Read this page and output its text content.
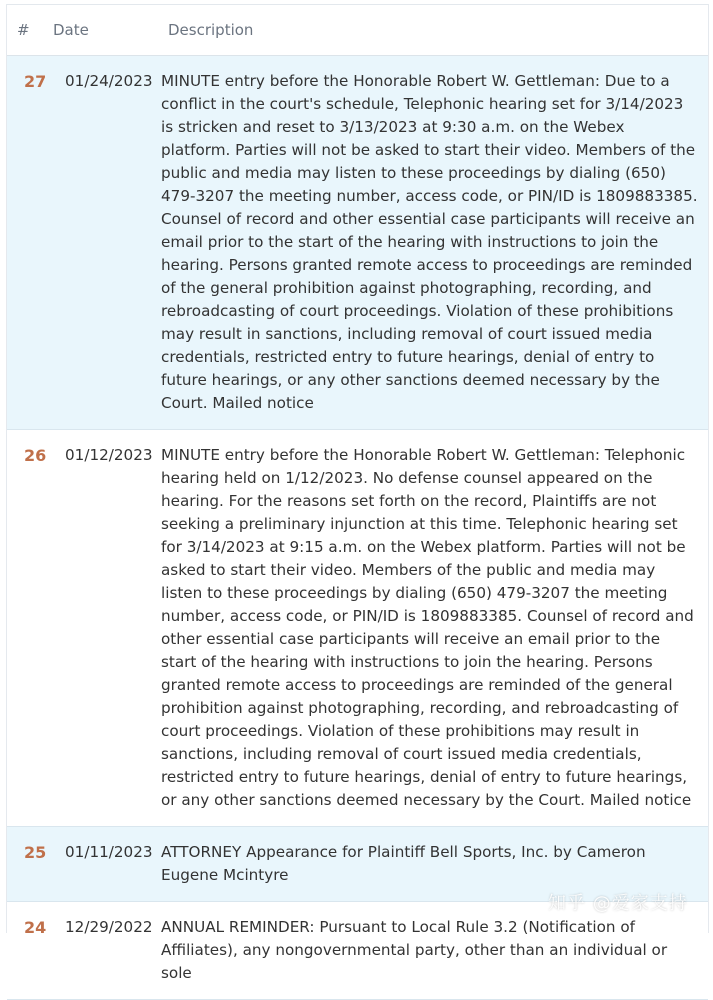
# Date	Description
27 01/24/2023 MINUTE entry before the Honorable Robert W. Gettleman: Due to a conflict in the court's schedule, Telephonic hearing set for 3/14/2023 is stricken and reset to 3/13/2023 at 9:30 a.m. on the Webex platform. Parties will not be asked to start their video. Members of the public and media may listen to these proceedings by dialing (650) 479-3207 the meeting number, access code, or PIN/ID is 1809883385. Counsel of record and other essential case participants will receive an email prior to the start of the hearing with instructions to join the hearing. Persons granted remote access to proceedings are reminded of the general prohibition against photographing, recording, and rebroadcasting of court proceedings. Violation of these prohibitions may result in sanctions, including removal of court issued media credentials, restricted entry to future hearings, denial of entry to future hearings, or any other sanctions deemed necessary by the Court. Mailed notice
26 01/12/2023 MINUTE entry before the Honorable Robert W. Gettleman: Telephonic hearing held on 1/12/2023. No defense counsel appeared on the hearing. For the reasons set forth on the record, Plaintiffs are not seeking a preliminary injunction at this time. Telephonic hearing set for 3/14/2023 at 9:15 a.m. on the Webex platform. Parties will not be asked to start their video. Members of the public and media may listen to these proceedings by dialing (650) 479-3207 the meeting number, access code, or PIN/ID is 1809883385. Counsel of record and other essential case participants will receive an email prior to the start of the hearing with instructions to join the hearing. Persons granted remote access to proceedings are reminded of the general prohibition against photographing, recording, and rebroadcasting of court proceedings. Violation of these prohibitions may result in sanctions, including removal of court issued media credentials, restricted entry to future hearings, denial of entry to future hearings, or any other sanctions deemed necessary by the Court. Mailed notice
25 01/11/2023 ATTORNEY Appearance for Plaintiff Bell Sports, Inc. by Cameron Eugene Mcintyre
24 12/29/2022 ANNUAL REMINDER: Pursuant to Local Rule 3.2 (Notification of Affiliates), any nongovernmental party, other than an individual or sole
知乎 @爱家支持
